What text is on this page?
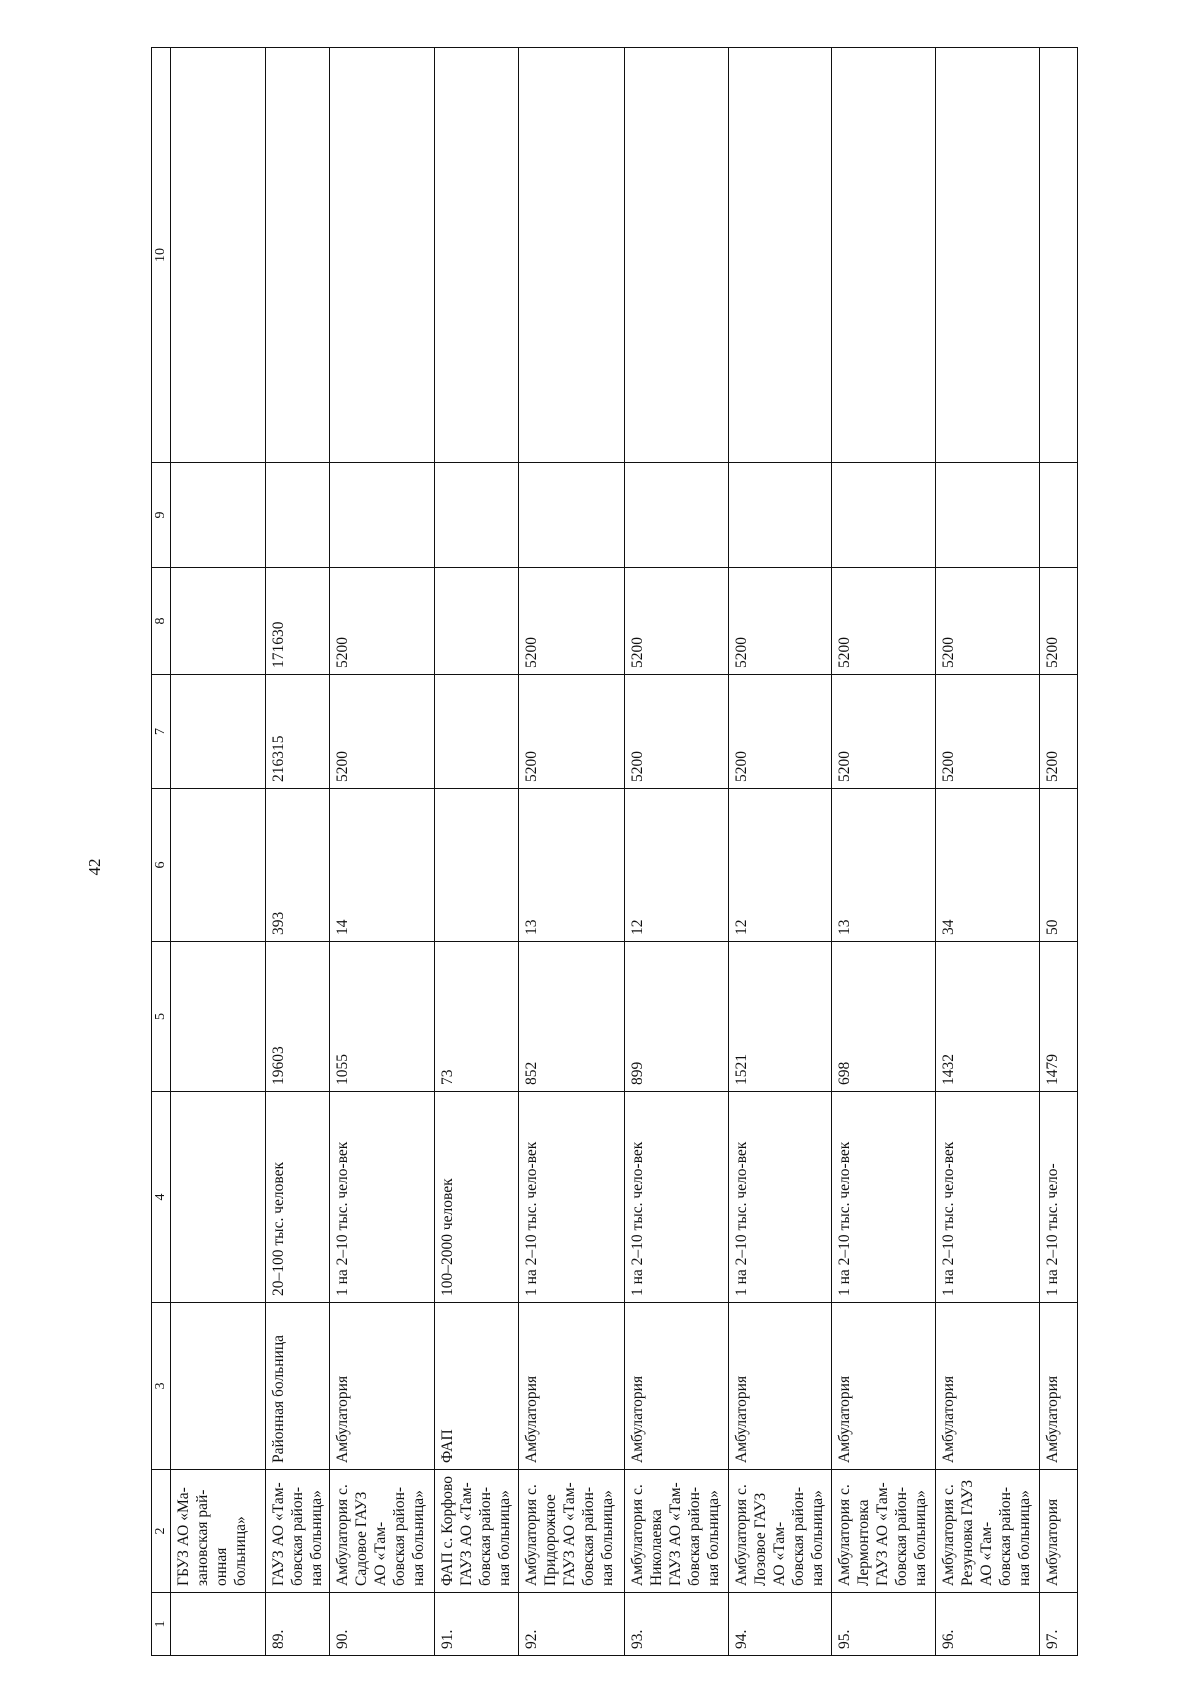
42
1	2	3	4	5	6	7	8	9	10
	ГБУЗ АО «Ма-зановская рай-онная больница»								
89.	ГАУЗ АО «Там-бовская район-ная больница»	Районная больница	20–100 тыс. человек	19603	393	216315	171630		
90.	Амбулатория с. Садовое ГАУЗ АО «Там-бовская район-ная больница»	Амбулатория	1 на 2–10 тыс. чело-век	1055	14	5200	5200		
91.	ФАП с. Корфово ГАУЗ АО «Там-бовская район-ная больница»	ФАП	100–2000 человек	73					
92.	Амбулатория с. Придорожное ГАУЗ АО «Там-бовская район-ная больница»	Амбулатория	1 на 2–10 тыс. чело-век	852	13	5200	5200		
93.	Амбулатория с. Николаевка ГАУЗ АО «Там-бовская район-ная больница»	Амбулатория	1 на 2–10 тыс. чело-век	899	12	5200	5200		
94.	Амбулатория с. Лозовое ГАУЗ АО «Там-бовская район-ная больница»	Амбулатория	1 на 2–10 тыс. чело-век	1521	12	5200	5200		
95.	Амбулатория с. Лермонтовка ГАУЗ АО «Там-бовская район-ная больница»	Амбулатория	1 на 2–10 тыс. чело-век	698	13	5200	5200		
96.	Амбулатория с. Резуновка ГАУЗ АО «Там-бовская район-ная больница»	Амбулатория	1 на 2–10 тыс. чело-век	1432	34	5200	5200		
97.	Амбулатория	Амбулатория	1 на 2–10 тыс. чело-	1479	50	5200	5200		
